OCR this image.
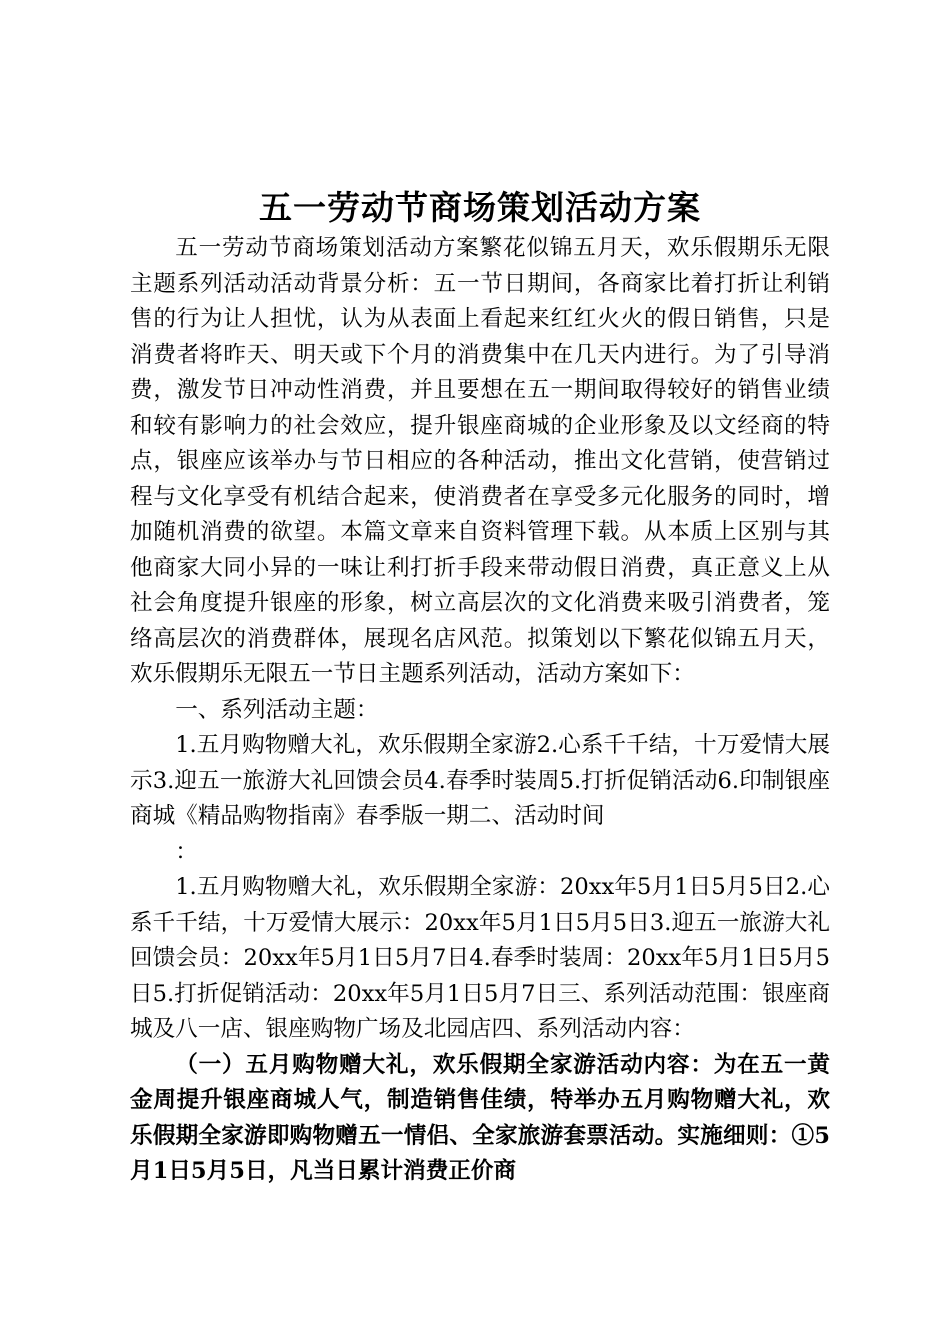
五一劳动节商场策划活动方案

五一劳动节商场策划活动方案繁花似锦五月天，欢乐假期乐无限主题系列活动活动背景分析：五一节日期间，各商家比着打折让利销售的行为让人担忧，认为从表面上看起来红红火火的假日销售，只是消费者将昨天、明天或下个月的消费集中在几天内进行。为了引导消费，激发节日冲动性消费，并且要想在五一期间取得较好的销售业绩和较有影响力的社会效应，提升银座商城的企业形象及以文经商的特点，银座应该举办与节日相应的各种活动，推出文化营销，使营销过程与文化享受有机结合起来，使消费者在享受多元化服务的同时，增加随机消费的欲望。本篇文章来自资料管理下载。从本质上区别与其他商家大同小异的一味让利打折手段来带动假日消费，真正意义上从社会角度提升银座的形象，树立高层次的文化消费来吸引消费者，笼络高层次的消费群体，展现名店风范。拟策划以下繁花似锦五月天，欢乐假期乐无限五一节日主题系列活动，活动方案如下：

一、系列活动主题：

1.五月购物赠大礼，欢乐假期全家游2.心系千千结，十万爱情大展示3.迎五一旅游大礼回馈会员4.春季时装周5.打折促销活动6.印制银座商城《精品购物指南》春季版一期二、活动时间

：

1.五月购物赠大礼，欢乐假期全家游：20xx年5月1日5月5日2.心系千千结，十万爱情大展示：20xx年5月1日5月5日3.迎五一旅游大礼回馈会员：20xx年5月1日5月7日4.春季时装周：20xx年5月1日5月5日5.打折促销活动：20xx年5月1日5月7日三、系列活动范围：银座商城及八一店、银座购物广场及北园店四、系列活动内容：

（一）五月购物赠大礼，欢乐假期全家游活动内容：为在五一黄金周提升银座商城人气，制造销售佳绩，特举办五月购物赠大礼，欢乐假期全家游即购物赠五一情侣、全家旅游套票活动。实施细则：①5月1日5月5日，凡当日累计消费正价商
